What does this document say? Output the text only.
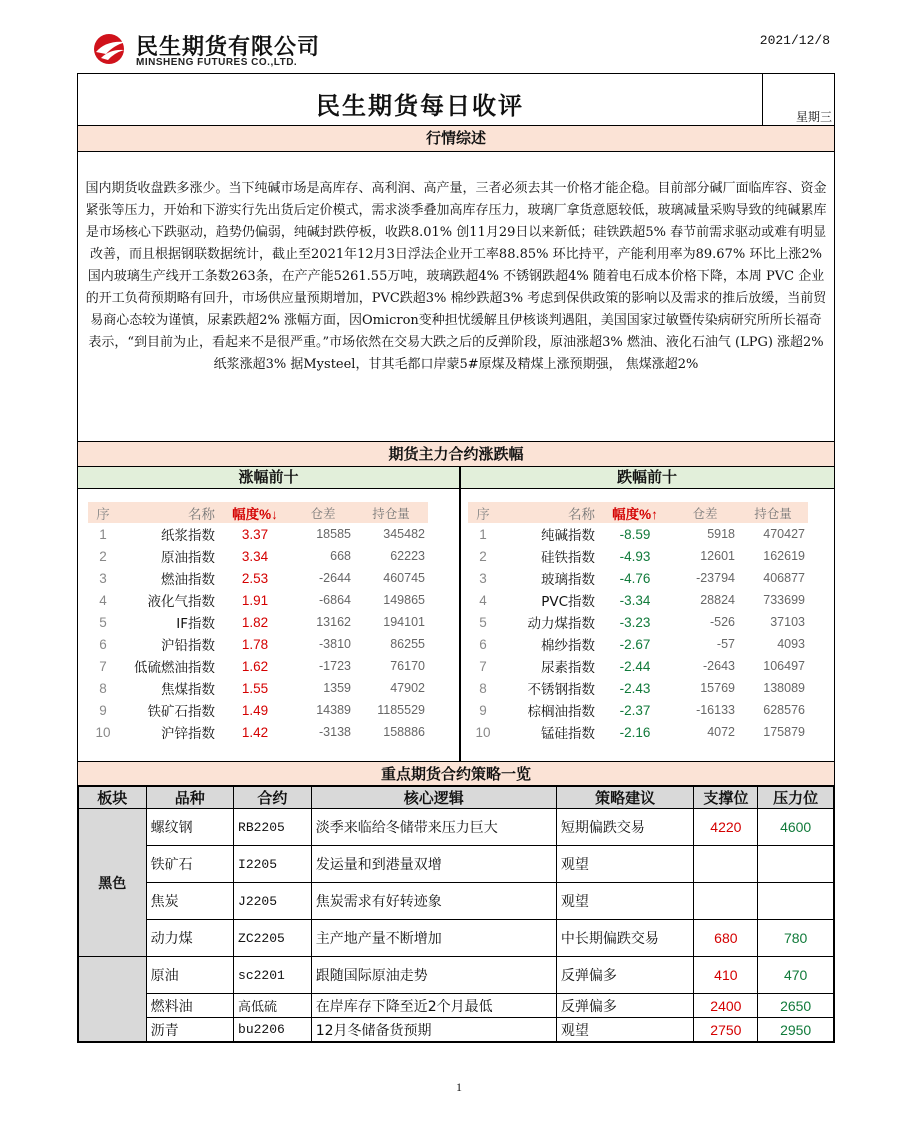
民生期货有限公司
MINSHENG FUTURES CO.,LTD.
2021/12/8
民生期货每日收评	星期三
行情综述
国内期货收盘跌多涨少。当下纯碱市场是高库存、高利润、高产量，三者必须去其一价格才能企稳。目前部分碱厂面临库容、资金紧张等压力，开始和下游实行先出货后定价模式，需求淡季叠加高库存压力，玻璃厂拿货意愿较低，玻璃减量采购导致的纯碱累库是市场核心下跌驱动，趋势仍偏弱，纯碱封跌停板，收跌8.01% 创11月29日以来新低；硅铁跌超5% 春节前需求驱动或难有明显改善，而且根据钢联数据统计，截止至2021年12月3日浮法企业开工率88.85% 环比持平，产能利用率为89.67% 环比上涨2% 国内玻璃生产线开工条数263条，在产产能5261.55万吨，玻璃跌超4% 不锈钢跌超4% 随着电石成本价格下降，本周 PVC 企业的开工负荷预期略有回升，市场供应量预期增加，PVC跌超3% 棉纱跌超3% 考虑到保供政策的影响以及需求的推后放缓，当前贸易商心态较为谨慎，尿素跌超2% 涨幅方面，因Omicron变种担忧缓解且伊核谈判遇阻，美国国家过敏暨传染病研究所所长福奇表示，“到目前为止，看起来不是很严重。”市场依然在交易大跌之后的反弹阶段，原油涨超3% 燃油、液化石油气 (LPG) 涨超2% 纸浆涨超3% 据Mysteel，甘其毛都口岸蒙5#原煤及精煤上涨预期强， 焦煤涨超2%
期货主力合约涨跌幅
涨幅前十	跌幅前十
序	名称	幅度%↓	仓差	持仓量
1	纸浆指数	3.37	18585	345482
2	原油指数	3.34	668	62223
3	燃油指数	2.53	-2644	460745
4	液化气指数	1.91	-6864	149865
5	IF指数	1.82	13162	194101
6	沪铅指数	1.78	-3810	86255
7	低硫燃油指数	1.62	-1723	76170
8	焦煤指数	1.55	1359	47902
9	铁矿石指数	1.49	14389	1185529
10	沪锌指数	1.42	-3138	158886
序	名称	幅度%↑	仓差	持仓量
1	纯碱指数	-8.59	5918	470427
2	硅铁指数	-4.93	12601	162619
3	玻璃指数	-4.76	-23794	406877
4	PVC指数	-3.34	28824	733699
5	动力煤指数	-3.23	-526	37103
6	棉纱指数	-2.67	-57	4093
7	尿素指数	-2.44	-2643	106497
8	不锈钢指数	-2.43	15769	138089
9	棕榈油指数	-2.37	-16133	628576
10	锰硅指数	-2.16	4072	175879
重点期货合约策略一览
板块	品种	合约	核心逻辑	策略建议	支撑位	压力位
黑色	螺纹钢	RB2205	淡季来临给冬储带来压力巨大	短期偏跌交易	4220	4600
	铁矿石	I2205	发运量和到港量双增	观望		
	焦炭	J2205	焦炭需求有好转迹象	观望		
	动力煤	ZC2205	主产地产量不断增加	中长期偏跌交易	680	780
	原油	sc2201	跟随国际原油走势	反弹偏多	410	470
	燃料油	高低硫	在岸库存下降至近2个月最低	反弹偏多	2400	2650
	沥青	bu2206	12月冬储备货预期	观望	2750	2950
1
